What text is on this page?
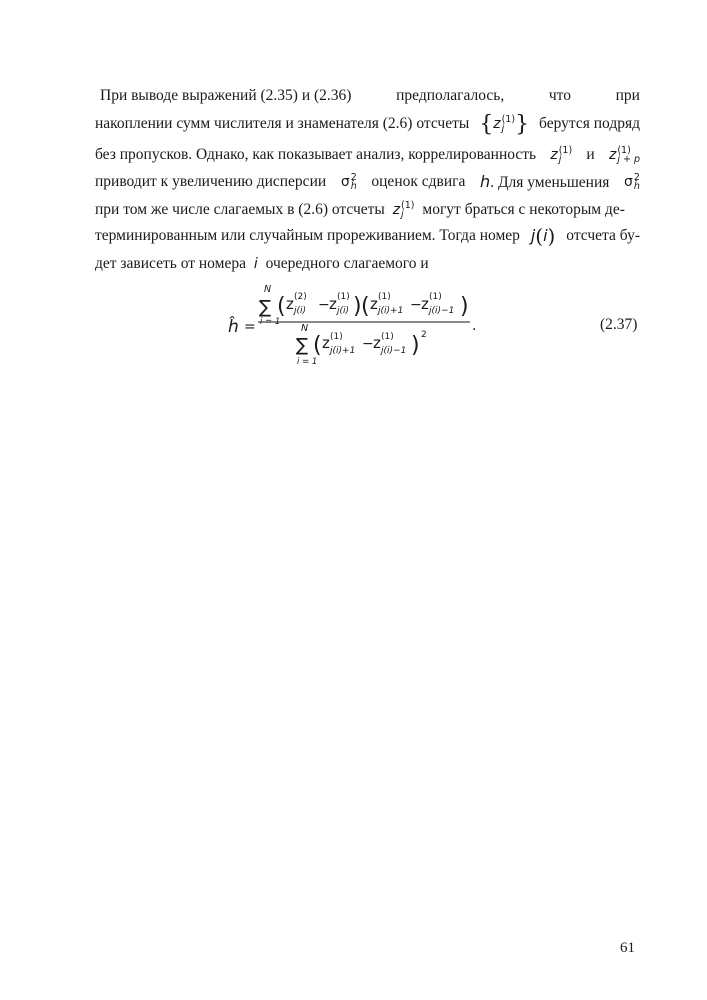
При выводе выражений (2.35) и (2.36)	предполагалось,	что	при
накоплении сумм числителя и знаменателя (2.6) отсчеты {z (1)
j } берутся подряд
без пропусков. Однако, как показывает анализ, коррелированность z (1)
j	и z (1)
j + p
приводит к увеличению дисперсии σ 2
ĥ оценок сдвига h. Для уменьшения σ 2
ĥ
при том же числе слагаемых в (2.6) отсчеты z (1)
j	могут браться с некоторым де-
терминированным или случайным прореживанием. Тогда номер j(i) отсчета бу-
дет зависеть от номера i очередного слагаемого и
ĥ =
N
∑
i = 1
( z (2)
j(i) − z (1)
j(i) ) ( z (1)
j(i)+1 − z (1)
j(i)−1 )
.
N
∑
i = 1
( z (1)
j(i)+1 − z (1)
j(i)−1 ) 2
(2.37)
61
